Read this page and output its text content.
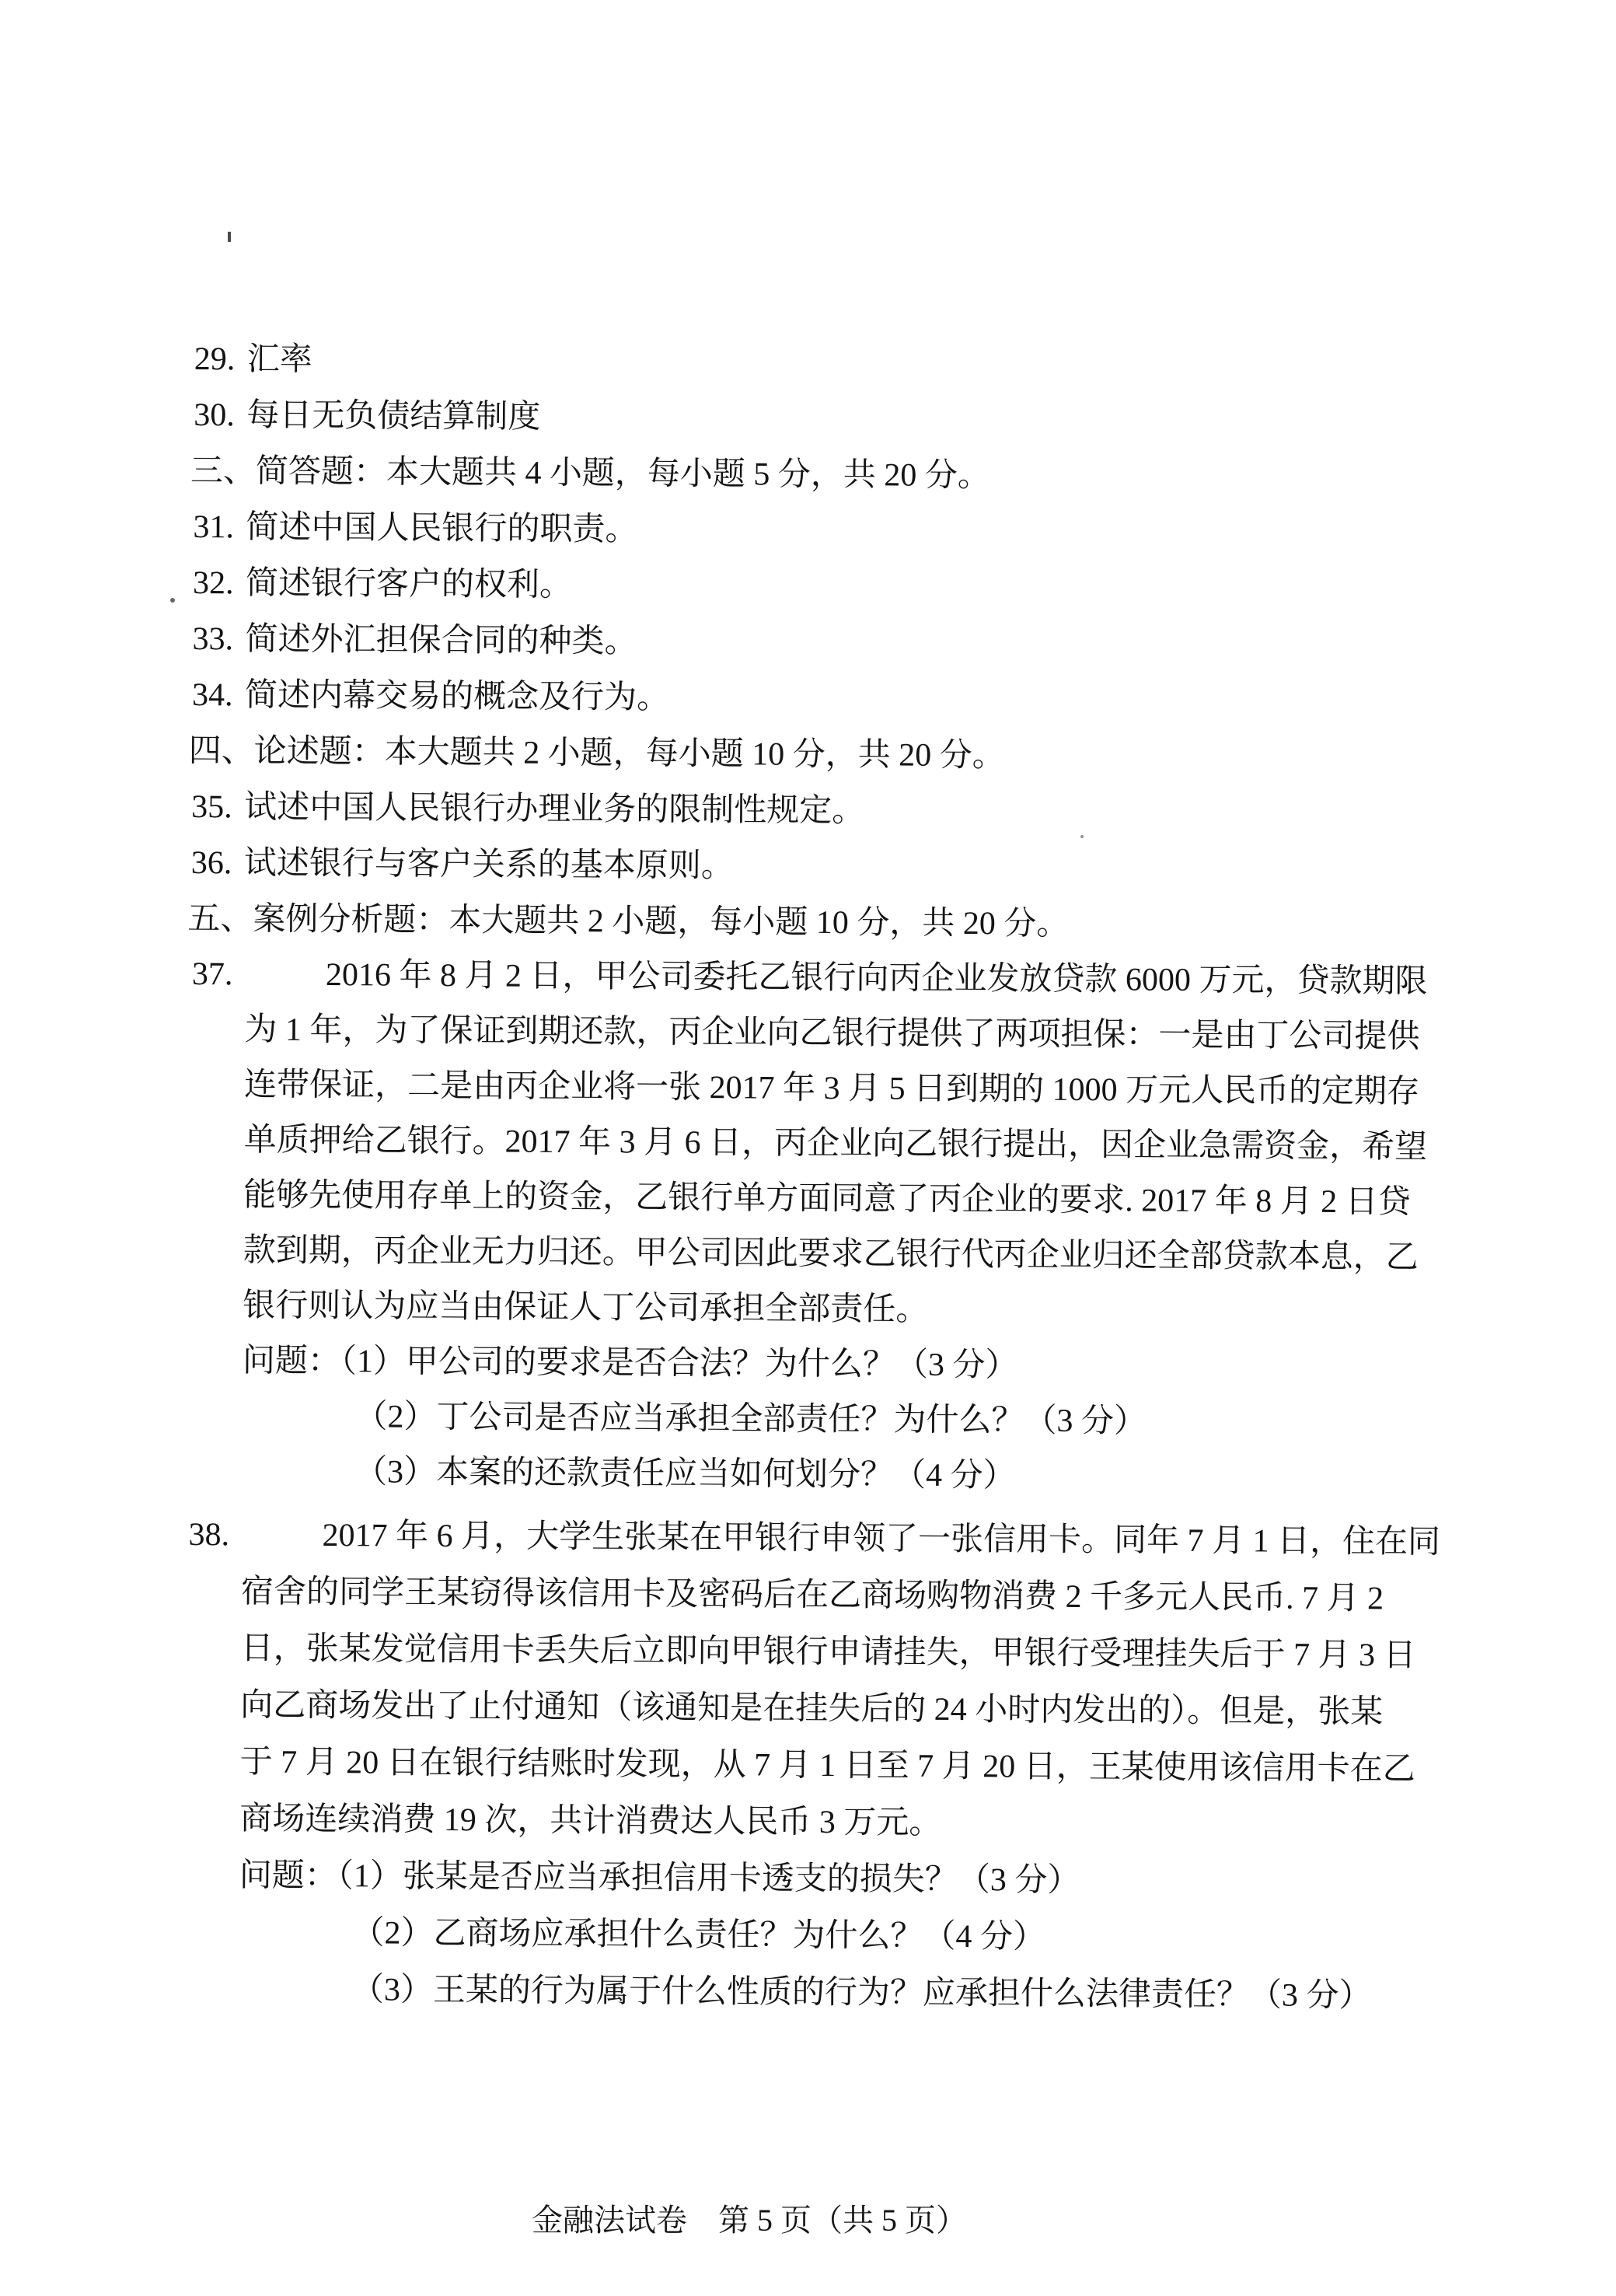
29. 汇率
30. 每日无负债结算制度
三、简答题：本大题共 4 小题，每小题 5 分，共 20 分。
31. 简述中国人民银行的职责。
32. 简述银行客户的权利。
33. 简述外汇担保合同的种类。
34. 简述内幕交易的概念及行为。
四、论述题：本大题共 2 小题，每小题 10 分，共 20 分。
35. 试述中国人民银行办理业务的限制性规定。
36. 试述银行与客户关系的基本原则。
五、案例分析题：本大题共 2 小题，每小题 10 分，共 20 分。
37.	2016 年 8 月 2 日，甲公司委托乙银行向丙企业发放贷款 6000 万元，贷款期限
为 1 年，为了保证到期还款，丙企业向乙银行提供了两项担保：一是由丁公司提供
连带保证，二是由丙企业将一张 2017 年 3 月 5 日到期的 1000 万元人民币的定期存
单质押给乙银行。2017 年 3 月 6 日，丙企业向乙银行提出，因企业急需资金，希望
能够先使用存单上的资金，乙银行单方面同意了丙企业的要求. 2017 年 8 月 2 日贷
款到期，丙企业无力归还。甲公司因此要求乙银行代丙企业归还全部贷款本息，乙
银行则认为应当由保证人丁公司承担全部责任。
问题：（1）甲公司的要求是否合法？为什么？（3 分）
（2）丁公司是否应当承担全部责任？为什么？（3 分）
（3）本案的还款责任应当如何划分？（4 分）
38.	2017 年 6 月，大学生张某在甲银行申领了一张信用卡。同年 7 月 1 日，住在同
宿舍的同学王某窃得该信用卡及密码后在乙商场购物消费 2 千多元人民币. 7 月 2
日，张某发觉信用卡丢失后立即向甲银行申请挂失，甲银行受理挂失后于 7 月 3 日
向乙商场发出了止付通知（该通知是在挂失后的 24 小时内发出的）。但是，张某
于 7 月 20 日在银行结账时发现，从 7 月 1 日至 7 月 20 日，王某使用该信用卡在乙
商场连续消费 19 次，共计消费达人民币 3 万元。
问题：（1）张某是否应当承担信用卡透支的损失？（3 分）
（2）乙商场应承担什么责任？为什么？（4 分）
（3）王某的行为属于什么性质的行为？应承担什么法律责任？（3 分）
金融法试卷　第 5 页（共 5 页）
